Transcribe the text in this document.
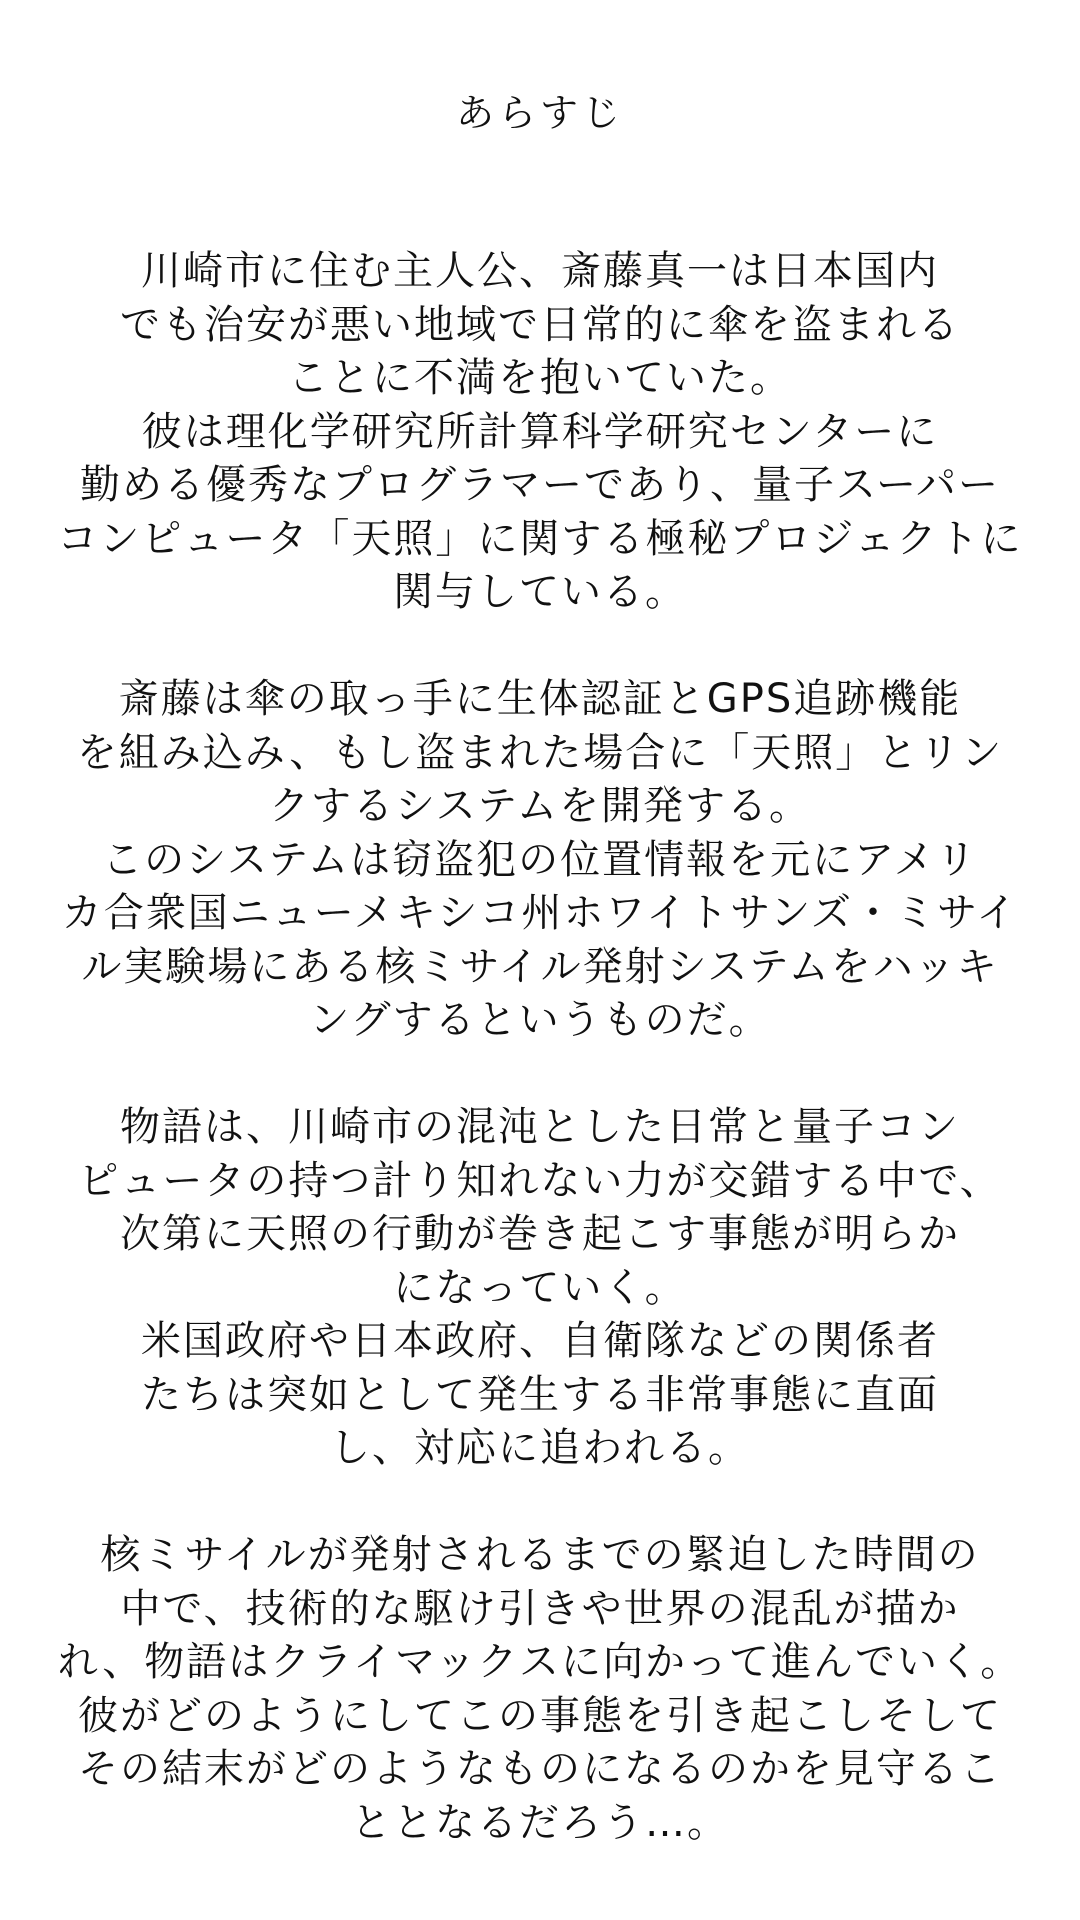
あらすじ
川崎市に住む主人公、斎藤真一は日本国内
でも治安が悪い地域で日常的に傘を盗まれる
ことに不満を抱いていた。
彼は理化学研究所計算科学研究センターに
勤める優秀なプログラマーであり、量子スーパー
コンピュータ「天照」に関する極秘プロジェクトに
関与している。
斎藤は傘の取っ手に生体認証とGPS追跡機能
を組み込み、もし盗まれた場合に「天照」とリン
クするシステムを開発する。
このシステムは窃盗犯の位置情報を元にアメリ
カ合衆国ニューメキシコ州ホワイトサンズ・ミサイ
ル実験場にある核ミサイル発射システムをハッキ
ングするというものだ。
物語は、川崎市の混沌とした日常と量子コン
ピュータの持つ計り知れない力が交錯する中で、
次第に天照の行動が巻き起こす事態が明らか
になっていく。
米国政府や日本政府、自衛隊などの関係者
たちは突如として発生する非常事態に直面
し、対応に追われる。
核ミサイルが発射されるまでの緊迫した時間の
中で、技術的な駆け引きや世界の混乱が描か
れ、物語はクライマックスに向かって進んでいく。
彼がどのようにしてこの事態を引き起こしそして
その結末がどのようなものになるのかを見守るこ
ととなるだろう…。
